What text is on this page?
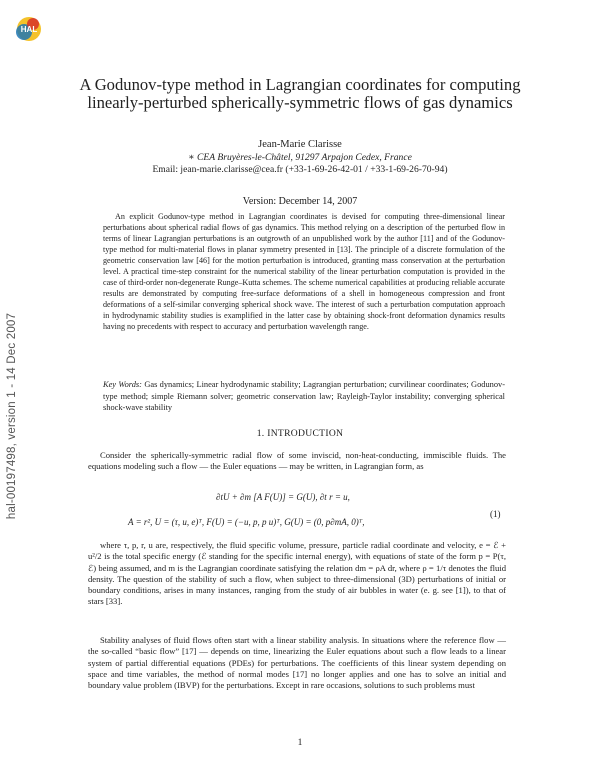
HAL
hal-00197498, version 1 - 14 Dec 2007
A Godunov-type method in Lagrangian coordinates for computing linearly-perturbed spherically-symmetric flows of gas dynamics
Jean-Marie Clarisse
∗ CEA Bruyères-le-Châtel, 91297 Arpajon Cedex, France
Email: jean-marie.clarisse@cea.fr (+33-1-69-26-42-01 / +33-1-69-26-70-94)
Version: December 14, 2007
An explicit Godunov-type method in Lagrangian coordinates is devised for computing three-dimensional linear perturbations about spherical radial flows of gas dynamics. This method relying on a description of the perturbed flow in terms of linear Lagrangian perturbations is an outgrowth of an unpublished work by the author [11] and of the Godunov-type method for multi-material flows in planar symmetry presented in [13]. The principle of a discrete formulation of the geometric conservation law [46] for the motion perturbation is introduced, granting mass conservation at the perturbation level. A practical time-step constraint for the numerical stability of the linear perturbation computation is provided in the case of third-order non-degenerate Runge–Kutta schemes. The scheme numerical capabilities at producing reliable accurate results are demonstrated by computing free-surface deformations of a shell in homogeneous compression and front deformations of a self-similar converging spherical shock wave. The interest of such a perturbation computation approach in hydrodynamic stability studies is examplified in the latter case by obtaining shock-front deformation dynamics results having no precedents with respect to accuracy and perturbation wavelength range.
Key Words: Gas dynamics; Linear hydrodynamic stability; Lagrangian perturbation; curvilinear coordinates; Godunov-type method; simple Riemann solver; geometric conservation law; Rayleigh-Taylor instability; converging spherical shock-wave stability
1. INTRODUCTION

Consider the spherically-symmetric radial flow of some inviscid, non-heat-conducting, immiscible fluids. The equations modeling such a flow — the Euler equations — may be written, in Lagrangian form, as

∂tU + ∂m [A F(U)] = G(U), ∂t r = u,
A = r², U = (τ, u, e)ᵀ, F(U) = (−u, p, p u)ᵀ, G(U) = (0, p∂mA, 0)ᵀ,
(1)

where τ, p, r, u are, respectively, the fluid specific volume, pressure, particle radial coordinate and velocity, e = ℰ + u²/2 is the total specific energy (ℰ standing for the specific internal energy), with equations of state of the form p = P(τ, ℰ) being assumed, and m is the Lagrangian coordinate satisfying the relation dm = ρA dr, where ρ = 1/τ denotes the fluid density. The question of the stability of such a flow, when subject to three-dimensional (3D) perturbations of initial or boundary conditions, arises in many instances, ranging from the study of air bubbles in water (e. g. see [1]), to that of stars [33].

Stability analyses of fluid flows often start with a linear stability analysis. In situations where the reference flow — the so-called “basic flow” [17] — depends on time, linearizing the Euler equations about such a flow leads to a linear system of partial differential equations (PDEs) for perturbations. The coefficients of this linear system depending on space and time variables, the method of normal modes [17] no longer applies and one has to solve an initial and boundary value problem (IBVP) for the perturbations. Except in rare occasions, solutions to such problems must

1
